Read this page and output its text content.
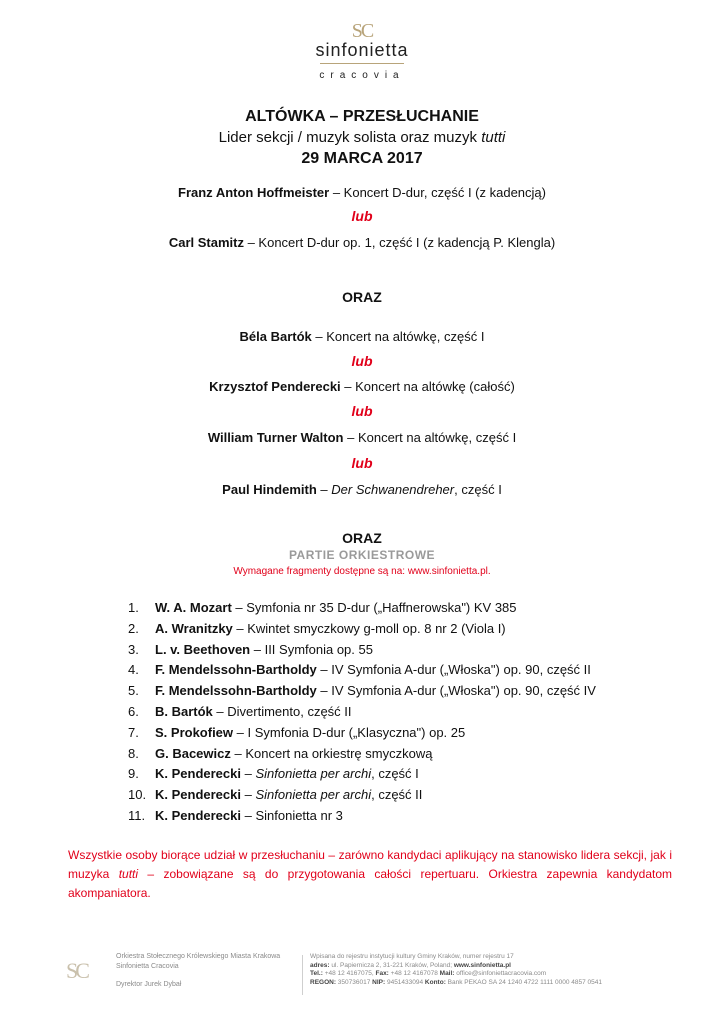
SC
sinfonietta
cracovia
ALTÓWKA – PRZESŁUCHANIE
Lider sekcji / muzyk solista oraz muzyk tutti
29 MARCA 2017
Franz Anton Hoffmeister – Koncert D-dur, część I (z kadencją)
lub
Carl Stamitz – Koncert D-dur op. 1, część I (z kadencją P. Klengla)
ORAZ
Béla Bartók – Koncert na altówkę, część I
lub
Krzysztof Penderecki – Koncert na altówkę (całość)
lub
William Turner Walton – Koncert na altówkę, część I
lub
Paul Hindemith – Der Schwanendreher, część I
ORAZ
PARTIE ORKIESTROWE
Wymagane fragmenty dostępne są na: www.sinfonietta.pl.
1. W. A. Mozart – Symfonia nr 35 D-dur („Haffnerowska") KV 385
2. A. Wranitzky – Kwintet smyczkowy g-moll op. 8 nr 2 (Viola I)
3. L. v. Beethoven – III Symfonia op. 55
4. F. Mendelssohn-Bartholdy – IV Symfonia A-dur („Włoska") op. 90, część II
5. F. Mendelssohn-Bartholdy – IV Symfonia A-dur („Włoska") op. 90, część IV
6. B. Bartók – Divertimento, część II
7. S. Prokofiew – I Symfonia D-dur („Klasyczna") op. 25
8. G. Bacewicz – Koncert na orkiestrę smyczkową
9. K. Penderecki – Sinfonietta per archi, część I
10. K. Penderecki – Sinfonietta per archi, część II
11. K. Penderecki – Sinfonietta nr 3
Wszystkie osoby biorące udział w przesłuchaniu – zarówno kandydaci aplikujący na stanowisko lidera sekcji, jak i muzyka tutti – zobowiązane są do przygotowania całości repertuaru. Orkiestra zapewnia kandydatom akompaniatora.
SC
Orkiestra Stołecznego Królewskiego Miasta Krakowa
Sinfonietta Cracovia
Dyrektor Jurek Dybał
Wpisana do rejestru instytucji kultury Gminy Kraków, numer rejestru 17
adres: ul. Papiernicza 2, 31-221 Kraków, Poland; www.sinfonietta.pl
Tel.: +48 12 4167075, Fax: +48 12 4167078 Mail: office@sinfoniettacracovia.com
REGON: 350736017 NIP: 9451433094 Konto: Bank PEKAO SA 24 1240 4722 1111 0000 4857 0541
